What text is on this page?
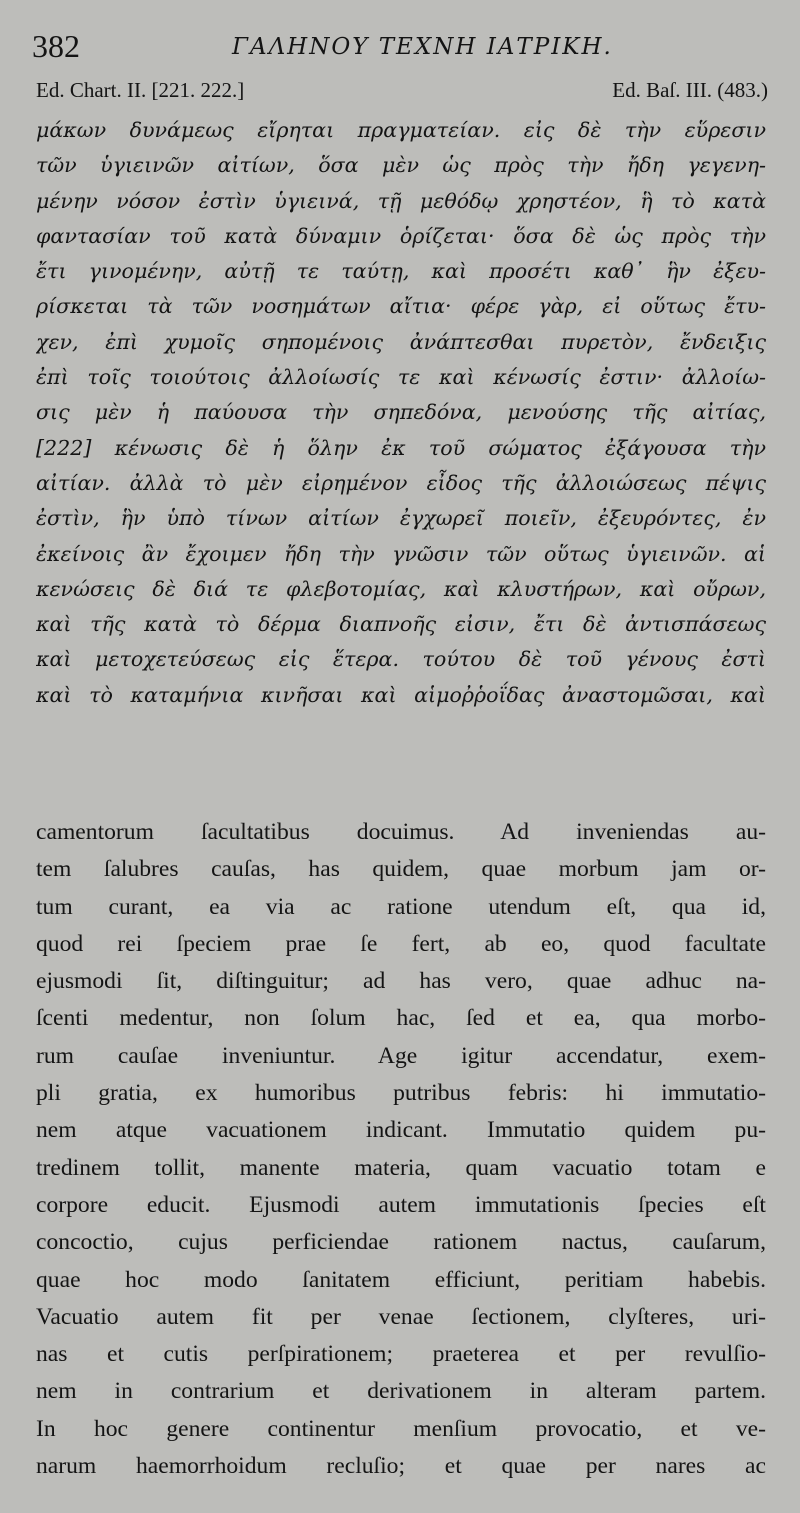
382	ΓΑΛΗΝΟΥ ΤΕΧΝΗ ΙΑΤΡΙΚΗ.
Ed. Chart. II. [221. 222.]	Ed. Baſ. III. (483.)
μάκων δυνάμεως εἴρηται πραγματείαν. εἰς δὲ τὴν εὕρεσιν
τῶν ὑγιεινῶν αἰτίων, ὅσα μὲν ὡς πρὸς τὴν ἤδη γεγενη-
μένην νόσον ἐστὶν ὑγιεινά, τῇ μεθόδῳ χρηστέον, ἣ τὸ κατὰ
φαντασίαν τοῦ κατὰ δύναμιν ὁρίζεται· ὅσα δὲ ὡς πρὸς τὴν
ἔτι γινομένην, αὐτῇ τε ταύτῃ, καὶ προσέτι καθ᾽ ἣν ἐξευ-
ρίσκεται τὰ τῶν νοσημάτων αἴτια· φέρε γὰρ, εἰ οὕτως ἔτυ-
χεν, ἐπὶ χυμοῖς σηπομένοις ἀνάπτεσθαι πυρετὸν, ἔνδειξις
ἐπὶ τοῖς τοιούτοις ἀλλοίωσίς τε καὶ κένωσίς ἐστιν· ἀλλοίω-
σις μὲν ἡ παύουσα τὴν σηπεδόνα, μενούσης τῆς αἰτίας,
[222] κένωσις δὲ ἡ ὅλην ἐκ τοῦ σώματος ἐξάγουσα τὴν
αἰτίαν. ἀλλὰ τὸ μὲν εἰρημένον εἶδος τῆς ἀλλοιώσεως πέψις
ἐστὶν, ἣν ὑπὸ τίνων αἰτίων ἐγχωρεῖ ποιεῖν, ἐξευρόντες, ἐν
ἐκείνοις ἂν ἔχοιμεν ἤδη τὴν γνῶσιν τῶν οὕτως ὑγιεινῶν. αἱ
κενώσεις δὲ διά τε φλεβοτομίας, καὶ κλυστήρων, καὶ οὔρων,
καὶ τῆς κατὰ τὸ δέρμα διαπνοῆς εἰσιν, ἔτι δὲ ἀντισπάσεως
καὶ μετοχετεύσεως εἰς ἕτερα. τούτου δὲ τοῦ γένους ἐστὶ
καὶ τὸ καταμήνια κινῆσαι καὶ αἱμοῤῥοΐδας ἀναστομῶσαι, καὶ
camentorum ſacultatibus docuimus. Ad inveniendas au-
tem ſalubres cauſas, has quidem, quae morbum jam or-
tum curant, ea via ac ratione utendum eſt, qua id,
quod rei ſpeciem prae ſe fert, ab eo, quod facultate
ejusmodi ſit, diſtinguitur; ad has vero, quae adhuc na-
ſcenti medentur, non ſolum hac, ſed et ea, qua morbo-
rum cauſae inveniuntur. Age igitur accendatur, exem-
pli gratia, ex humoribus putribus febris: hi immutatio-
nem atque vacuationem indicant. Immutatio quidem pu-
tredinem tollit, manente materia, quam vacuatio totam e
corpore educit. Ejusmodi autem immutationis ſpecies eſt
concoctio, cujus perficiendae rationem nactus, cauſarum,
quae hoc modo ſanitatem efficiunt, peritiam habebis.
Vacuatio autem fit per venae ſectionem, clyſteres, uri-
nas et cutis perſpirationem; praeterea et per revulſio-
nem in contrarium et derivationem in alteram partem.
In hoc genere continentur menſium provocatio, et ve-
narum haemorrhoidum recluſio; et quae per nares ac
